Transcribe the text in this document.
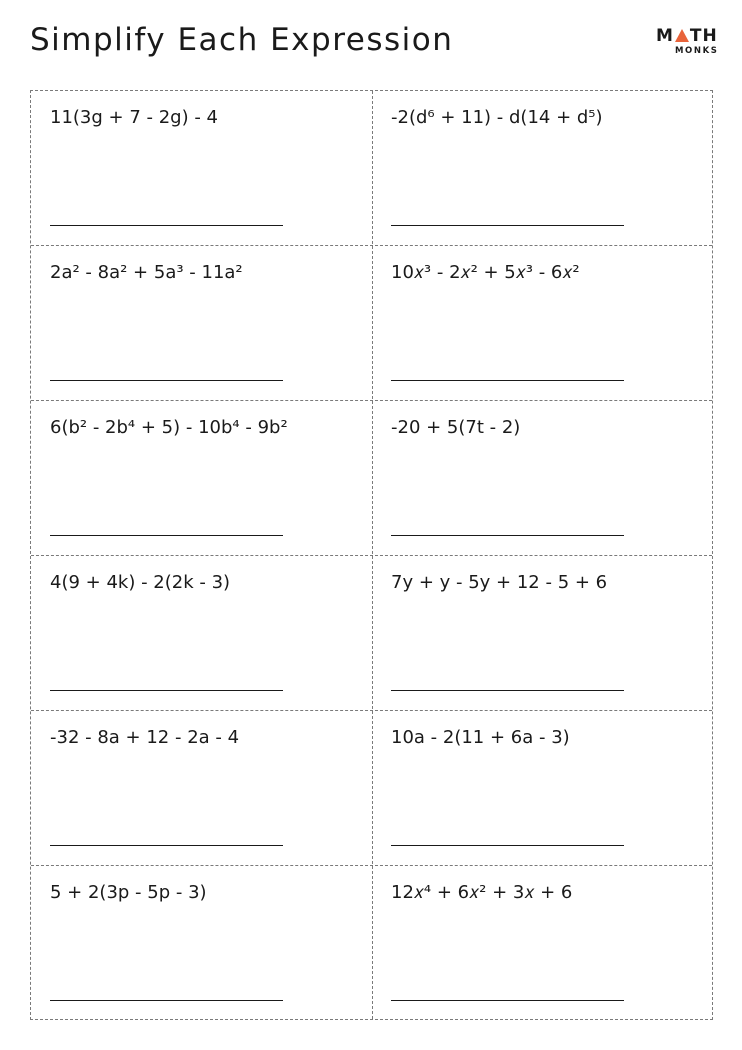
Simplify Each Expression	M TH
MONKS
11(3g + 7 - 2g) - 4	-2(d⁶ + 11) - d(14 + d⁵)
2a² - 8a² + 5a³ - 11a²	10𝑥³ - 2𝑥² + 5𝑥³ - 6𝑥²
6(b² - 2b⁴ + 5) - 10b⁴ - 9b²	-20 + 5(7t - 2)
4(9 + 4k) - 2(2k - 3)	7y + y - 5y + 12 - 5 + 6
-32 - 8a + 12 - 2a - 4	10a - 2(11 + 6a - 3)
5 + 2(3p - 5p - 3)	12𝑥⁴ + 6𝑥² + 3𝑥 + 6
